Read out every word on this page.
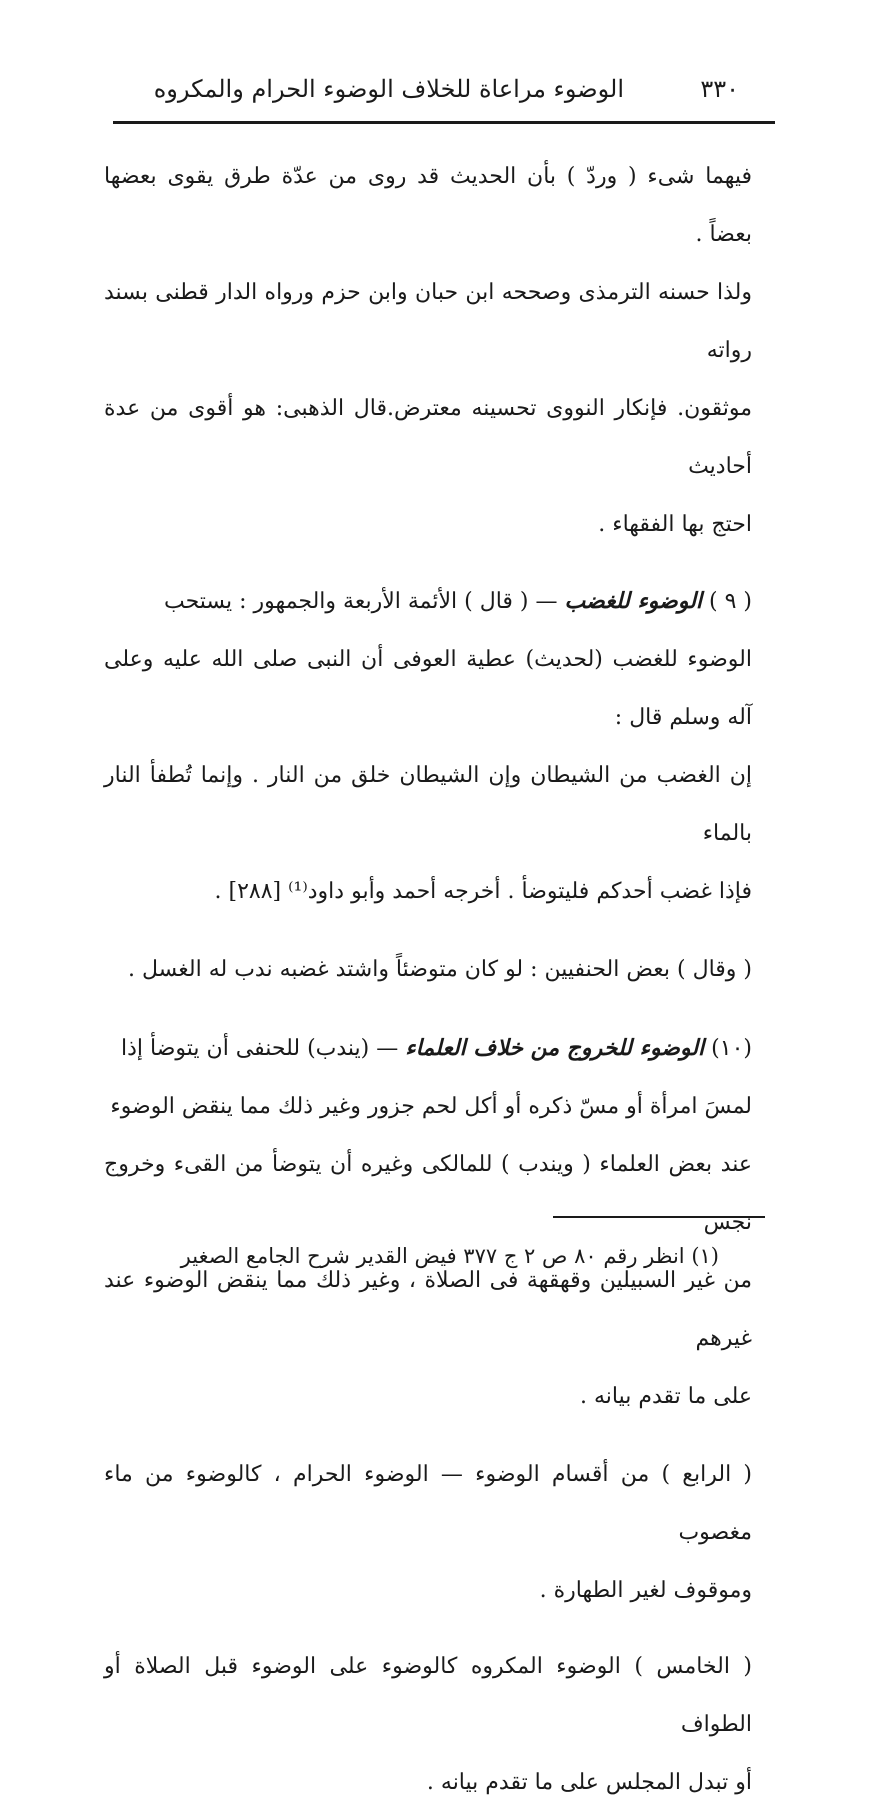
٣٣٠
الوضوء مراعاة للخلاف الوضوء الحرام والمكروه

فيهما شىء ( وردّ ) بأن الحديث قد روى من عدّة طرق يقوى بعضها بعضاً .
ولذا حسنه الترمذى وصححه ابن حبان وابن حزم ورواه الدار قطنى بسند رواته
موثقون. فإنكار النووى تحسينه معترض.قال الذهبى: هو أقوى من عدة أحاديث
احتج بها الفقهاء .

( ٩ ) الوضوء للغضب — ( قال ) الأئمة الأربعة والجمهور : يستحب
الوضوء للغضب (لحديث) عطية العوفى أن النبى صلى الله عليه وعلى آله وسلم قال :
إن الغضب من الشيطان وإن الشيطان خلق من النار . وإنما تُطفأ النار بالماء
فإذا غضب أحدكم فليتوضأ . أخرجه أحمد وأبو داود⁽¹⁾ [٢٨٨] .

( وقال ) بعض الحنفيين : لو كان متوضئاً واشتد غضبه ندب له الغسل .

(١٠) الوضوء للخروج من خلاف العلماء — (يندب) للحنفى أن يتوضأ إذا
لمسَ امرأة أو مسّ ذكره أو أكل لحم جزور وغير ذلك مما ينقض الوضوء
عند بعض العلماء ( ويندب ) للمالكى وغيره أن يتوضأ من القىء وخروج نجس
من غير السبيلين وقهقهة فى الصلاة ، وغير ذلك مما ينقض الوضوء عند غيرهم
على ما تقدم بيانه .

( الرابع ) من أقسام الوضوء — الوضوء الحرام ، كالوضوء من ماء مغصوب
وموقوف لغير الطهارة .

( الخامس ) الوضوء المكروه كالوضوء على الوضوء قبل الصلاة أو الطواف
أو تبدل المجلس على ما تقدم بيانه .

(١) انظر رقم ٨٠ ص ٢ ج ٣٧٧ فيض القدير شرح الجامع الصغير
